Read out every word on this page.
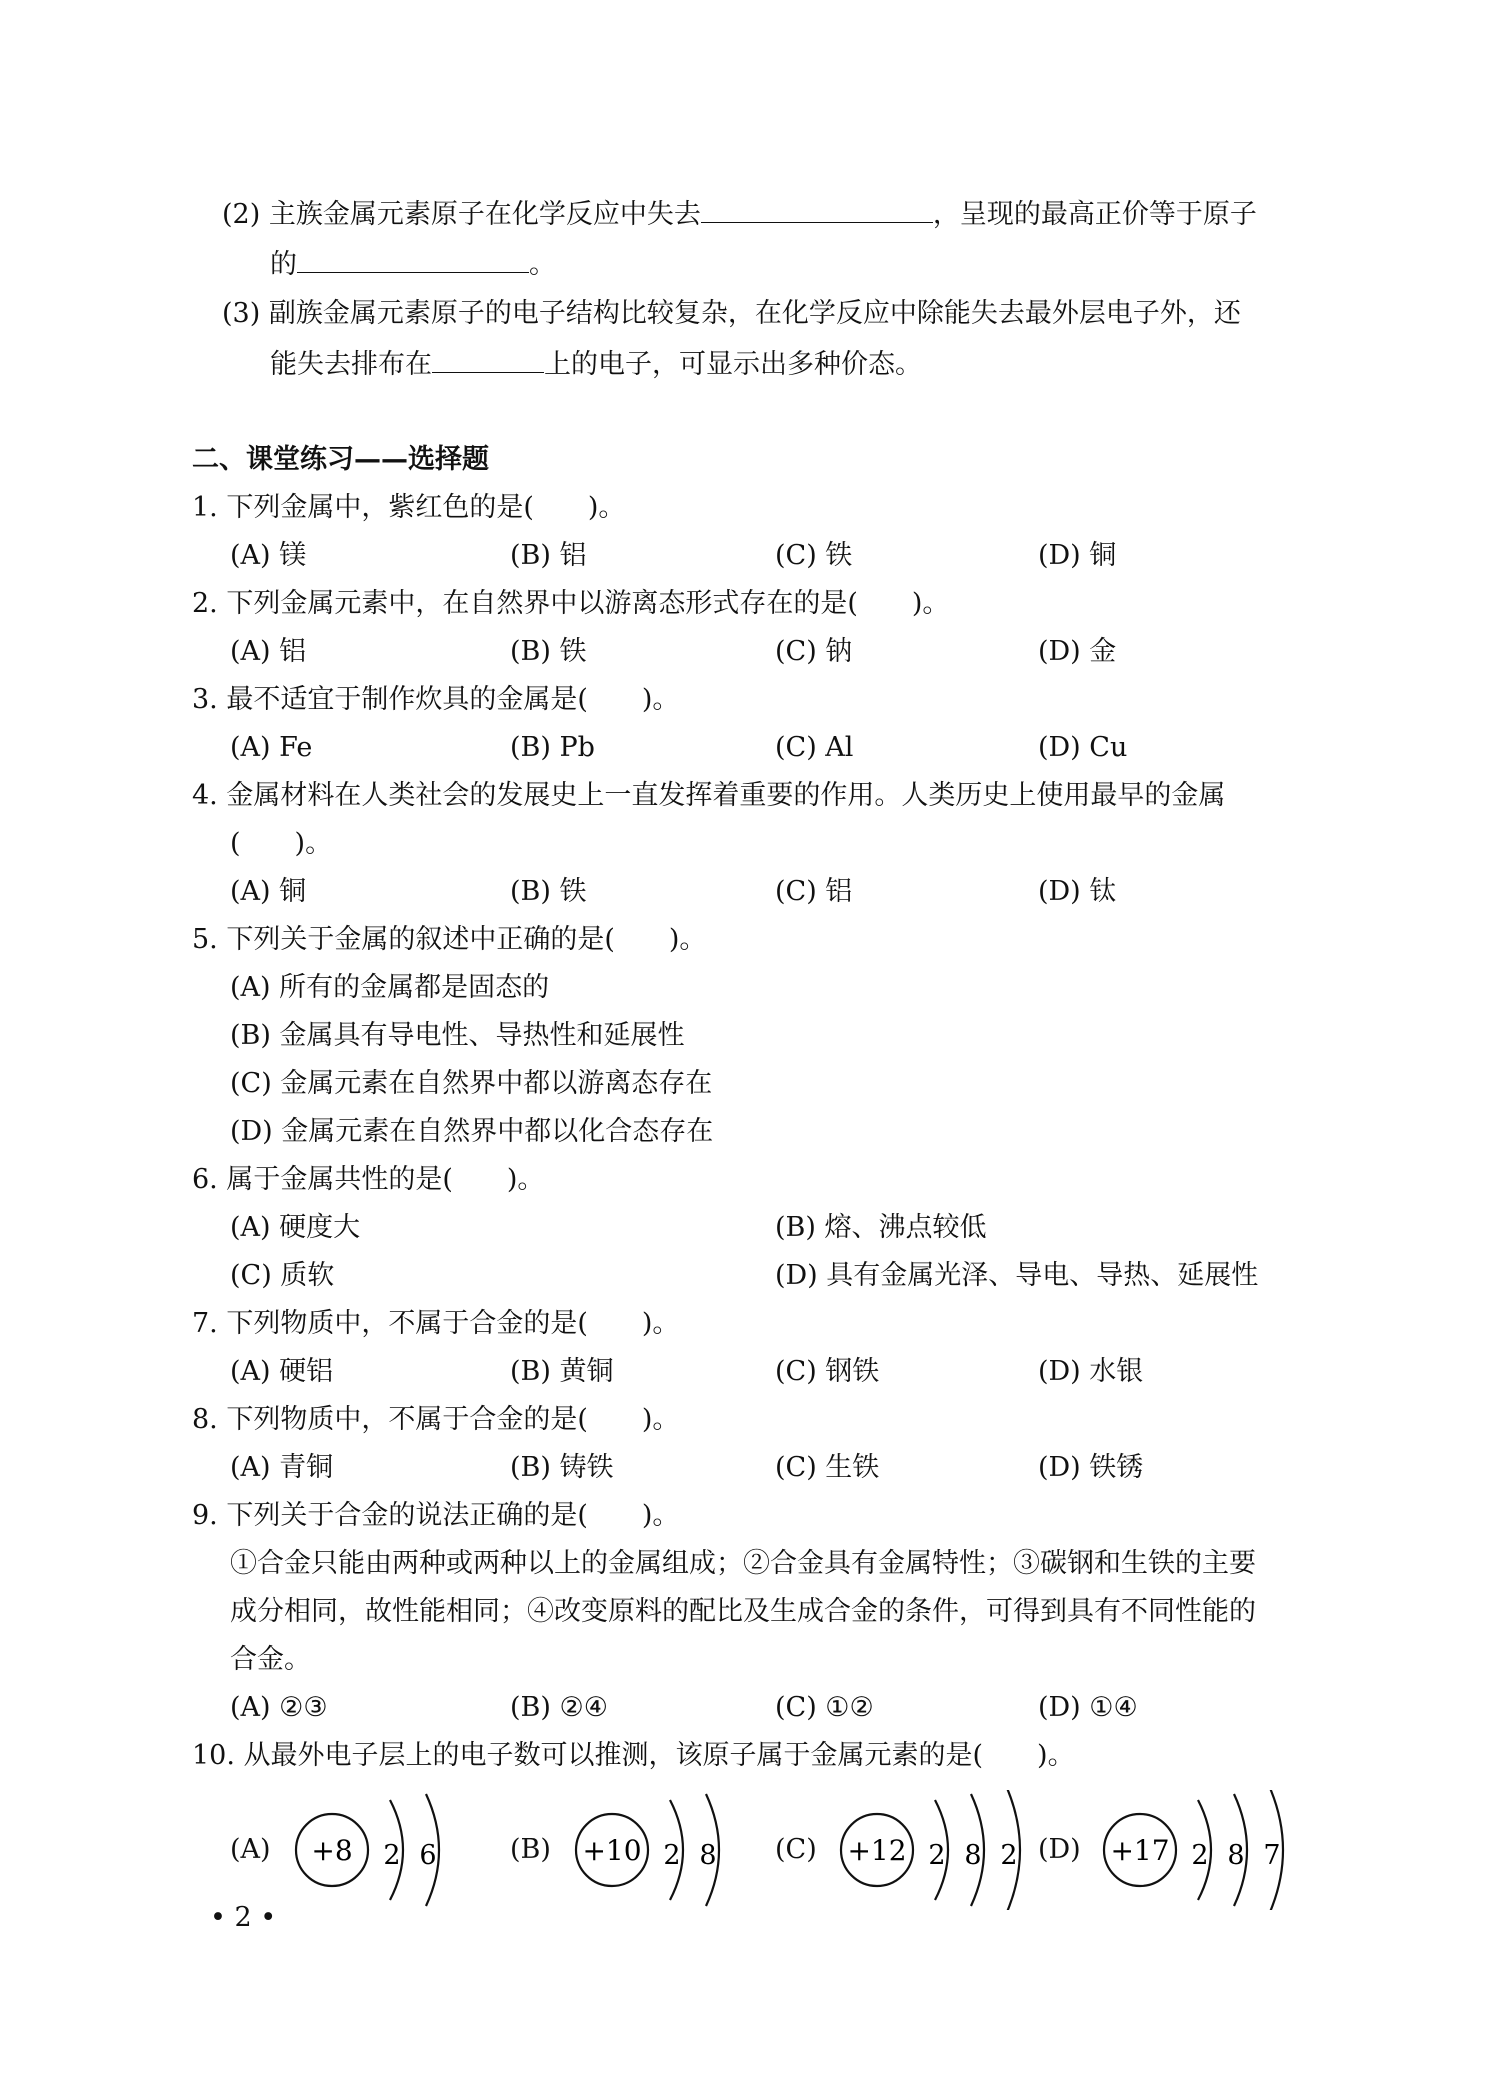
(2) 主族金属元素原子在化学反应中失去	，呈现的最高正价等于原子
的	。
(3) 副族金属元素原子的电子结构比较复杂，在化学反应中除能失去最外层电子外，还
能失去排布在	上的电子，可显示出多种价态。
二、课堂练习——选择题
1. 下列金属中，紫红色的是(　　)。
(A) 镁	(B) 铝	(C) 铁	(D) 铜
2. 下列金属元素中，在自然界中以游离态形式存在的是(　　)。
(A) 铝	(B) 铁	(C) 钠	(D) 金
3. 最不适宜于制作炊具的金属是(　　)。
(A) Fe	(B) Pb	(C) Al	(D) Cu
4. 金属材料在人类社会的发展史上一直发挥着重要的作用。人类历史上使用最早的金属
(　　)。
(A) 铜	(B) 铁	(C) 铝	(D) 钛
5. 下列关于金属的叙述中正确的是(　　)。
(A) 所有的金属都是固态的
(B) 金属具有导电性、导热性和延展性
(C) 金属元素在自然界中都以游离态存在
(D) 金属元素在自然界中都以化合态存在
6. 属于金属共性的是(　　)。
(A) 硬度大	(B) 熔、沸点较低
(C) 质软	(D) 具有金属光泽、导电、导热、延展性
7. 下列物质中，不属于合金的是(　　)。
(A) 硬铝	(B) 黄铜	(C) 钢铁	(D) 水银
8. 下列物质中，不属于合金的是(　　)。
(A) 青铜	(B) 铸铁	(C) 生铁	(D) 铁锈
9. 下列关于合金的说法正确的是(　　)。
①合金只能由两种或两种以上的金属组成；②合金具有金属特性；③碳钢和生铁的主要
成分相同，故性能相同；④改变原料的配比及生成合金的条件，可得到具有不同性能的
合金。
(A) ②③	(B) ②④	(C) ①②	(D) ①④
10. 从最外电子层上的电子数可以推测，该原子属于金属元素的是(　　)。
(A) +8 2 6	(B) +10 2 8 (C) +12 2 8 2 (D) +17 2 8 7
• 2 •
